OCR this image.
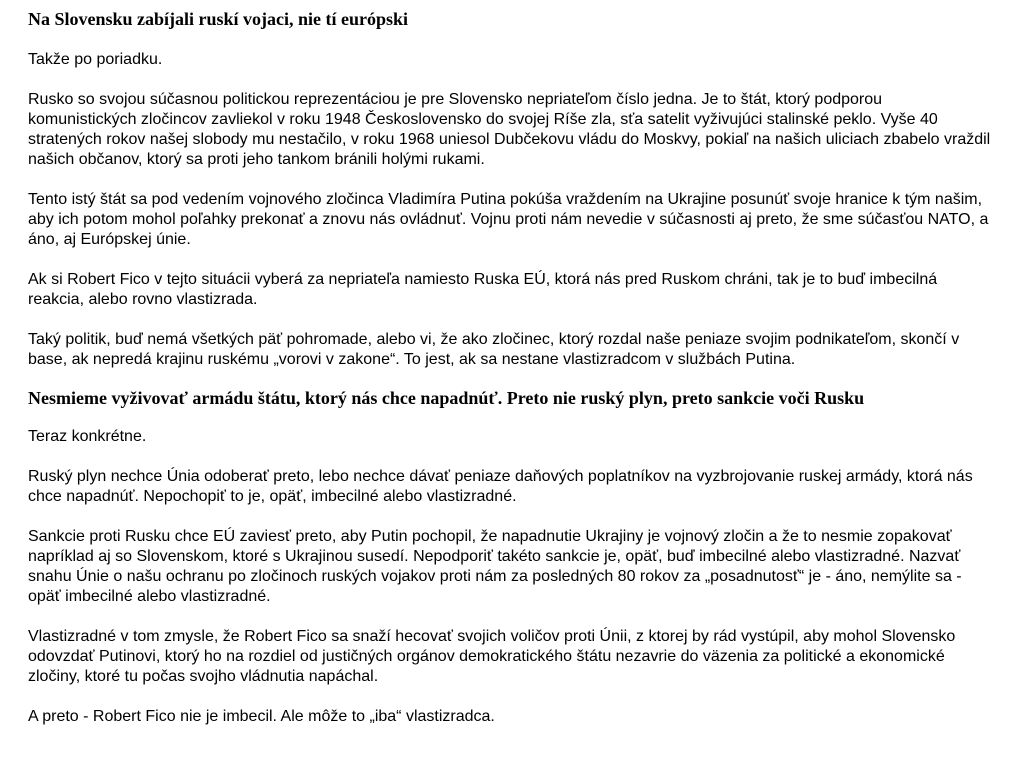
Na Slovensku zabíjali ruskí vojaci, nie tí európski

Takže po poriadku.

Rusko so svojou súčasnou politickou reprezentáciou je pre Slovensko nepriateľom číslo jedna. Je to štát, ktorý podporou komunistických zločincov zavliekol v roku 1948 Československo do svojej Ríše zla, sťa satelit vyživujúci stalinské peklo. Vyše 40 stratených rokov našej slobody mu nestačilo, v roku 1968 uniesol Dubčekovu vládu do Moskvy, pokiaľ na našich uliciach zbabelo vraždil našich občanov, ktorý sa proti jeho tankom bránili holými rukami.

Tento istý štát sa pod vedením vojnového zločinca Vladimíra Putina pokúša vraždením na Ukrajine posunúť svoje hranice k tým našim, aby ich potom mohol poľahky prekonať a znovu nás ovládnuť. Vojnu proti nám nevedie v súčasnosti aj preto, že sme súčasťou NATO, a áno, aj Európskej únie.

Ak si Robert Fico v tejto situácii vyberá za nepriateľa namiesto Ruska EÚ, ktorá nás pred Ruskom chráni, tak je to buď imbecilná reakcia, alebo rovno vlastizrada.

Taký politik, buď nemá všetkých päť pohromade, alebo vi, že ako zločinec, ktorý rozdal naše peniaze svojim podnikateľom, skončí v base, ak nepredá krajinu ruskému „vorovi v zakone“. To jest, ak sa nestane vlastizradcom v službách Putina.

Nesmieme vyživovať armádu štátu, ktorý nás chce napadnúť. Preto nie ruský plyn, preto sankcie voči Rusku

Teraz konkrétne.

Ruský plyn nechce Únia odoberať preto, lebo nechce dávať peniaze daňových poplatníkov na vyzbrojovanie ruskej armády, ktorá nás chce napadnúť. Nepochopiť to je, opäť, imbecilné alebo vlastizradné.

Sankcie proti Rusku chce EÚ zaviesť preto, aby Putin pochopil, že napadnutie Ukrajiny je vojnový zločin a že to nesmie zopakovať napríklad aj so Slovenskom, ktoré s Ukrajinou susedí. Nepodporiť takéto sankcie je, opäť, buď imbecilné alebo vlastizradné. Nazvať snahu Únie o našu ochranu po zločinoch ruských vojakov proti nám za posledných 80 rokov za „posadnutosť“ je - áno, nemýlite sa - opäť imbecilné alebo vlastizradné.

Vlastizradné v tom zmysle, že Robert Fico sa snaží hecovať svojich voličov proti Únii, z ktorej by rád vystúpil, aby mohol Slovensko odovzdať Putinovi, ktorý ho na rozdiel od justičných orgánov demokratického štátu nezavrie do väzenia za politické a ekonomické zločiny, ktoré tu počas svojho vládnutia napáchal.

A preto - Robert Fico nie je imbecil. Ale môže to „iba“ vlastizradca.
